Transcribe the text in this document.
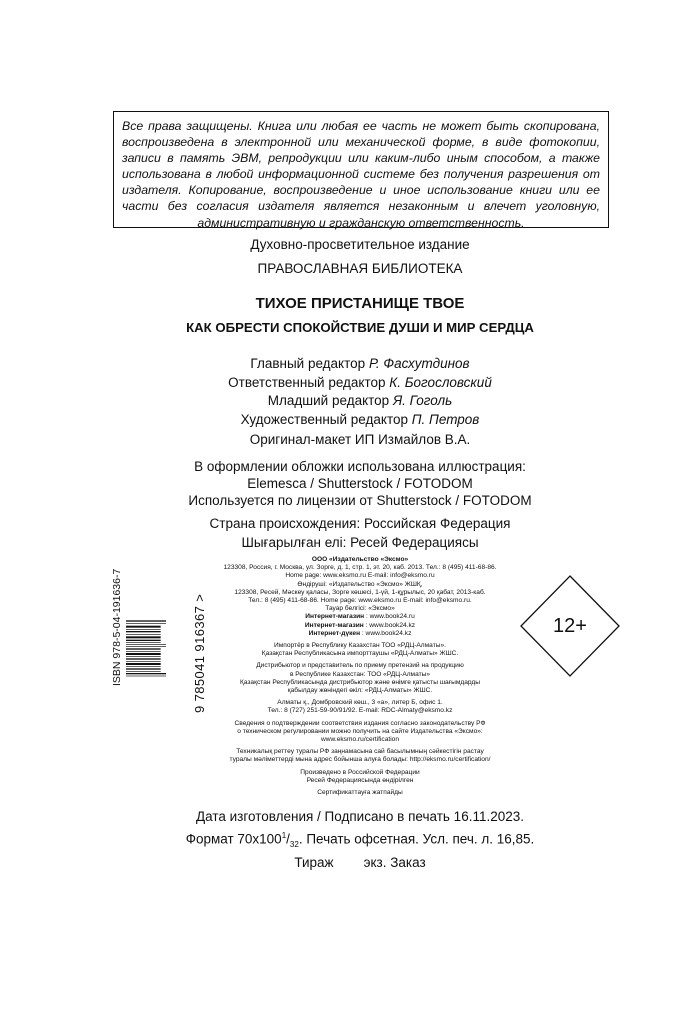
Все права защищены. Книга или любая ее часть не может быть скопирована, воспроизведена в электронной или механической форме, в виде фотокопии, записи в память ЭВМ, репродукции или каким-либо иным способом, а также использована в любой информационной системе без получения разрешения от издателя. Копирование, воспроизведение и иное использование книги или ее части без согласия издателя является незаконным и влечет уголовную, административную и гражданскую ответственность.
Духовно-просветительное издание
ПРАВОСЛАВНАЯ БИБЛИОТЕКА
ТИХОЕ ПРИСТАНИЩЕ ТВОЕ
КАК ОБРЕСТИ СПОКОЙСТВИЕ ДУШИ И МИР СЕРДЦА
Главный редактор Р. Фасхутдинов
Ответственный редактор К. Богословский
Младший редактор Я. Гоголь
Художественный редактор П. Петров
Оригинал-макет ИП Измайлов В.А.
В оформлении обложки использована иллюстрация:
Elemesca / Shutterstock / FOTODOM
Используется по лицензии от Shutterstock / FOTODOM
Страна происхождения: Российская Федерация
Шығарылған елі: Ресей Федерациясы
ООО «Издательство «Эксмо»
123308, Россия, г. Москва, ул. Зорге, д. 1, стр. 1, эт. 20, каб. 2013. Тел.: 8 (495) 411-68-86.
Home page: www.eksmo.ru E-mail: info@eksmo.ru
Өндіруші: «Издательство «Эксмо» ЖШҚ,
123308, Ресей, Мәскеу қаласы, Зорге көшесі, 1-үй, 1-құрылыс, 20 қабат, 2013-каб.
Тел.: 8 (495) 411-68-86. Home page: www.eksmo.ru E-mail: info@eksmo.ru.
Тауар белгісі: «Эксмо»
Интернет-магазин : www.book24.ru
Интернет-магазин : www.book24.kz
Интернет-дүкен : www.book24.kz
Импортёр в Республику Казахстан ТОО «РДЦ-Алматы».
Қазақстан Республикасына импорттаушы «РДЦ-Алматы» ЖШС.
Дистрибьютор и представитель по приему претензий на продукцию
в Республике Казахстан: ТОО «РДЦ-Алматы»
Қазақстан Республикасында дистрибьютор және өнімге қатысты шағымдарды
қабылдау жөніндегі өкіл: «РДЦ-Алматы» ЖШС.
Алматы қ., Домбровский көш., 3 «а», литер Б, офис 1.
Тел.: 8 (727) 251-59-90/91/92. E-mail: RDC-Almaty@eksmo.kz
Сведения о подтверждении соответствия издания согласно законодательству РФ
о техническом регулировании можно получить на сайте Издательства «Эксмо»:
www.eksmo.ru/certification
Техникалық реттеу туралы РФ заңнамасына сай басылымның сәйкестігін растау
туралы мәліметтерді мына адрес бойынша алуға болады: http://eksmo.ru/certification/
Произведено в Российской Федерации
Ресей Федерациясында өндірілген
Сертификаттауға жатпайды
ISBN 978-5-04-191636-7	9 785041 916367 >	12+
Дата изготовления / Подписано в печать 16.11.2023.
Формат $70x100^1/_{32}$. Печать офсетная. Усл. печ. л. 16,85.
Тираж        экз. Заказ
